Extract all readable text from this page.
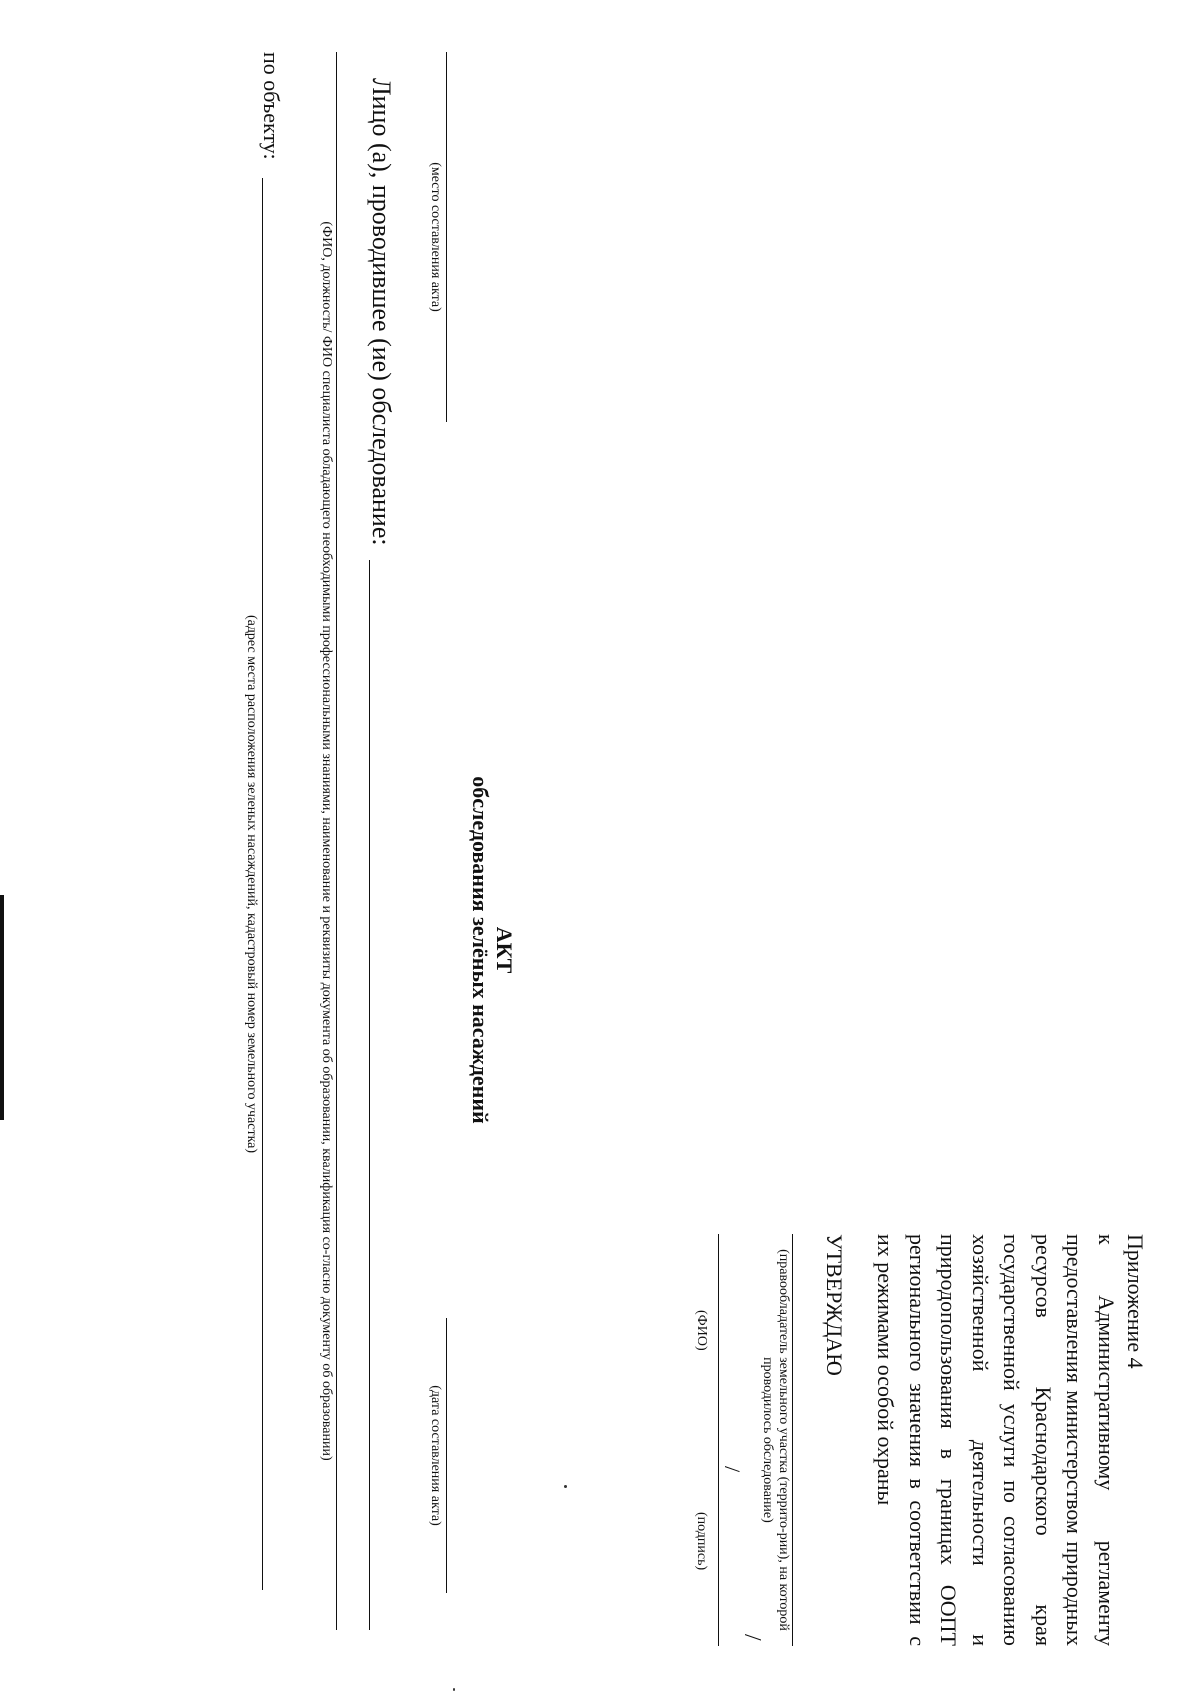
Приложение 4
к Административному регламенту предоставления министерством природных ресурсов Краснодарского края государственной услуги по согласованию хозяйственной деятельности и природопользования в границах ООПТ регионального значения в соответствии с их режимами особой охраны
УТВЕРЖДАЮ
(правообладатель земельного участка (террито-рии), на которой проводилось обследование)
/
/
(ФИО)
(подпись)
АКТ
обследования зелёных насаждений
(место составления акта)
(дата составления акта)
Лицо (а), проводившее (ие) обследование:
(ФИО, должность/ ФИО специалиста обладающего необходимыми профессиональными знаниями, наименование и реквизиты документа об образовании, квалификация со-гласно документу об образовании)
по объекту:
(адрес места расположения зеленых насаждений, кадастровый номер земельного участка)
